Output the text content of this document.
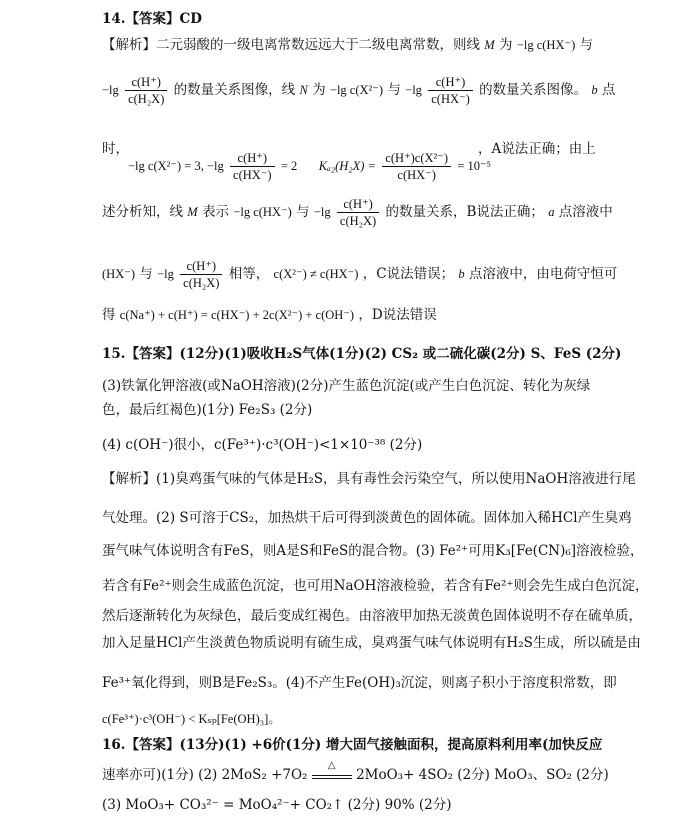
14.【答案】CD
【解析】二元弱酸的一级电离常数远远大于二级电离常数，则线 M 为 −lg c(HX⁻) 与
$-\lg \frac{c(H^+)}{\text{c(H₂X)}}$ 的数量关系图像，线 N 为 −lg c(X²⁻) 与 $-\lg \frac{c(H^+)}{c(HX^-)}$ 的数量关系图像。 b 点
时，
−lg c(X²⁻) = 3, $-\lg \frac{c(H^+)}{c(HX^-)} = 2$ $K_{a2}(H_2X) = \frac{\text{c(H⁺)c(X²⁻)}}{c(HX^-)} = 10^{-5}$
，A说法正确；由上
述分析知，线 M 表示 −lg c(HX⁻) 与 $-\lg \frac{c(H^+)}{\text{c(H₂X)}}$ 的数量关系，B说法正确； a 点溶液中
(HX⁻) 与 $-\lg \frac{c(H^+)}{\text{c(H₂X)}}$ 相等， c(X²⁻) ≠ c(HX⁻) ，C说法错误； b 点溶液中，由电荷守恒可
得 c(Na⁺) + c(H⁺) = c(HX⁻) + 2c(X²⁻) + c(OH⁻) ，D说法错误
15.【答案】(12分)(1)吸收H₂S气体(1分)(2) CS₂ 或二硫化碳(2分) S、FeS (2分)
(3)铁氰化钾溶液(或NaOH溶液)(2分)产生蓝色沉淀(或产生白色沉淀、转化为灰绿
色，最后红褐色)(1分) Fe₂S₃ (2分)
(4) c(OH⁻)很小，c(Fe³⁺)·c³(OH⁻)<1×10⁻³⁸ (2分)
【解析】(1)臭鸡蛋气味的气体是H₂S，具有毒性会污染空气，所以使用NaOH溶液进行尾
气处理。(2) S可溶于CS₂，加热烘干后可得到淡黄色的固体硫。固体加入稀HCl产生臭鸡
蛋气味气体说明含有FeS，则A是S和FeS的混合物。(3) Fe²⁺可用K₃[Fe(CN)₆]溶液检验，
若含有Fe²⁺则会生成蓝色沉淀，也可用NaOH溶液检验，若含有Fe²⁺则会先生成白色沉淀，
然后逐渐转化为灰绿色，最后变成红褐色。由溶液甲加热无淡黄色固体说明不存在硫单质，
加入足量HCl产生淡黄色物质说明有硫生成，臭鸡蛋气味气体说明有H₂S生成，所以硫是由
Fe³⁺氧化得到，则B是Fe₂S₃。(4)不产生Fe(OH)₃沉淀，则离子积小于溶度积常数，即
c(Fe³⁺)·c³(OH⁻) < Kₛₚ[Fe(OH)₃]。
16.【答案】(13分)(1) +6价(1分) 增大固气接触面积，提高原料利用率(加快反应
速率亦可)(1分) (2) 2MoS₂ +7O₂
△
2MoO₃+ 4SO₂ (2分) MoO₃、SO₂ (2分)
(3) MoO₃+ CO₃²⁻ = MoO₄²⁻+ CO₂↑ (2分) 90% (2分)
